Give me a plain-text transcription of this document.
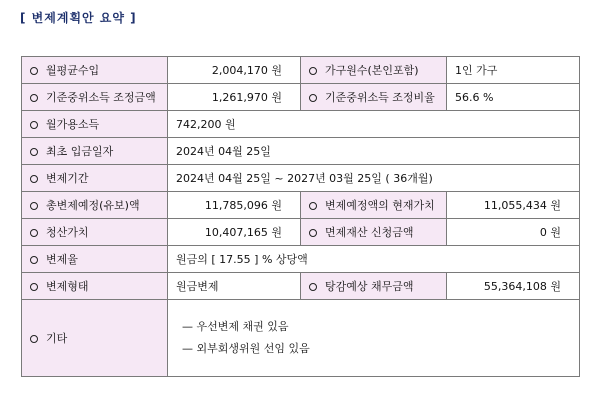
[ 변제계획안 요약 ]
월평균수입	2,004,170 원	가구원수(본인포함)	1인 가구
기준중위소득 조정금액	1,261,970 원	기준중위소득 조정비율	56.6 %
월가용소득	742,200 원		
최초 입금일자	2024년 04월 25일		
변제기간	2024년 04월 25일 ~ 2027년 03월 25일 ( 36개월)		
총변제예정(유보)액	11,785,096 원	변제예정액의 현재가치	11,055,434 원
청산가치	10,407,165 원	면제재산 신청금액	0 원
변제율	원금의 [ 17.55 ] % 상당액		
변제형태	원금변제	탕감예상 채무금액	55,364,108 원
기타	— 우선변제 채권 있음
— 외부회생위원 선임 있음		
